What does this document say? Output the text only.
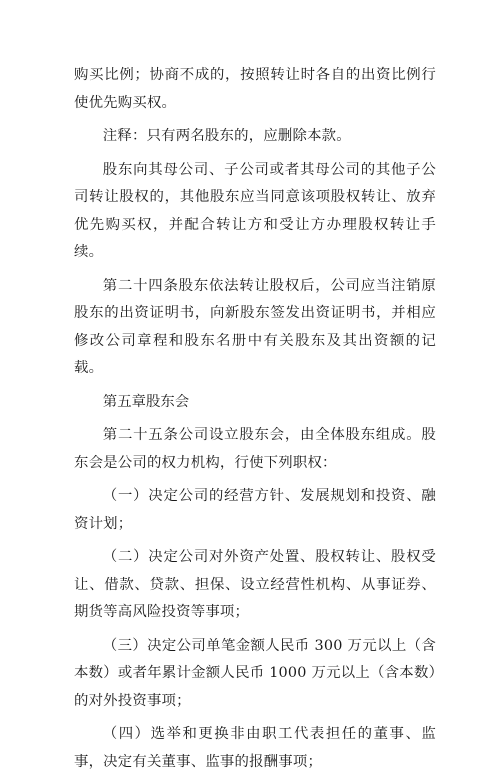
购买比例；协商不成的，按照转让时各自的出资比例行使优先购买权。

注释：只有两名股东的，应删除本款。

股东向其母公司、子公司或者其母公司的其他子公司转让股权的，其他股东应当同意该项股权转让、放弃优先购买权，并配合转让方和受让方办理股权转让手续。

第二十四条股东依法转让股权后，公司应当注销原股东的出资证明书，向新股东签发出资证明书，并相应修改公司章程和股东名册中有关股东及其出资额的记载。

第五章股东会

第二十五条公司设立股东会，由全体股东组成。股东会是公司的权力机构，行使下列职权：

（一）决定公司的经营方针、发展规划和投资、融资计划；

（二）决定公司对外资产处置、股权转让、股权受让、借款、贷款、担保、设立经营性机构、从事证券、期货等高风险投资等事项；

（三）决定公司单笔金额人民币 300 万元以上（含本数）或者年累计金额人民币 1000 万元以上（含本数）的对外投资事项；

（四）选举和更换非由职工代表担任的董事、监事，决定有关董事、监事的报酬事项；
